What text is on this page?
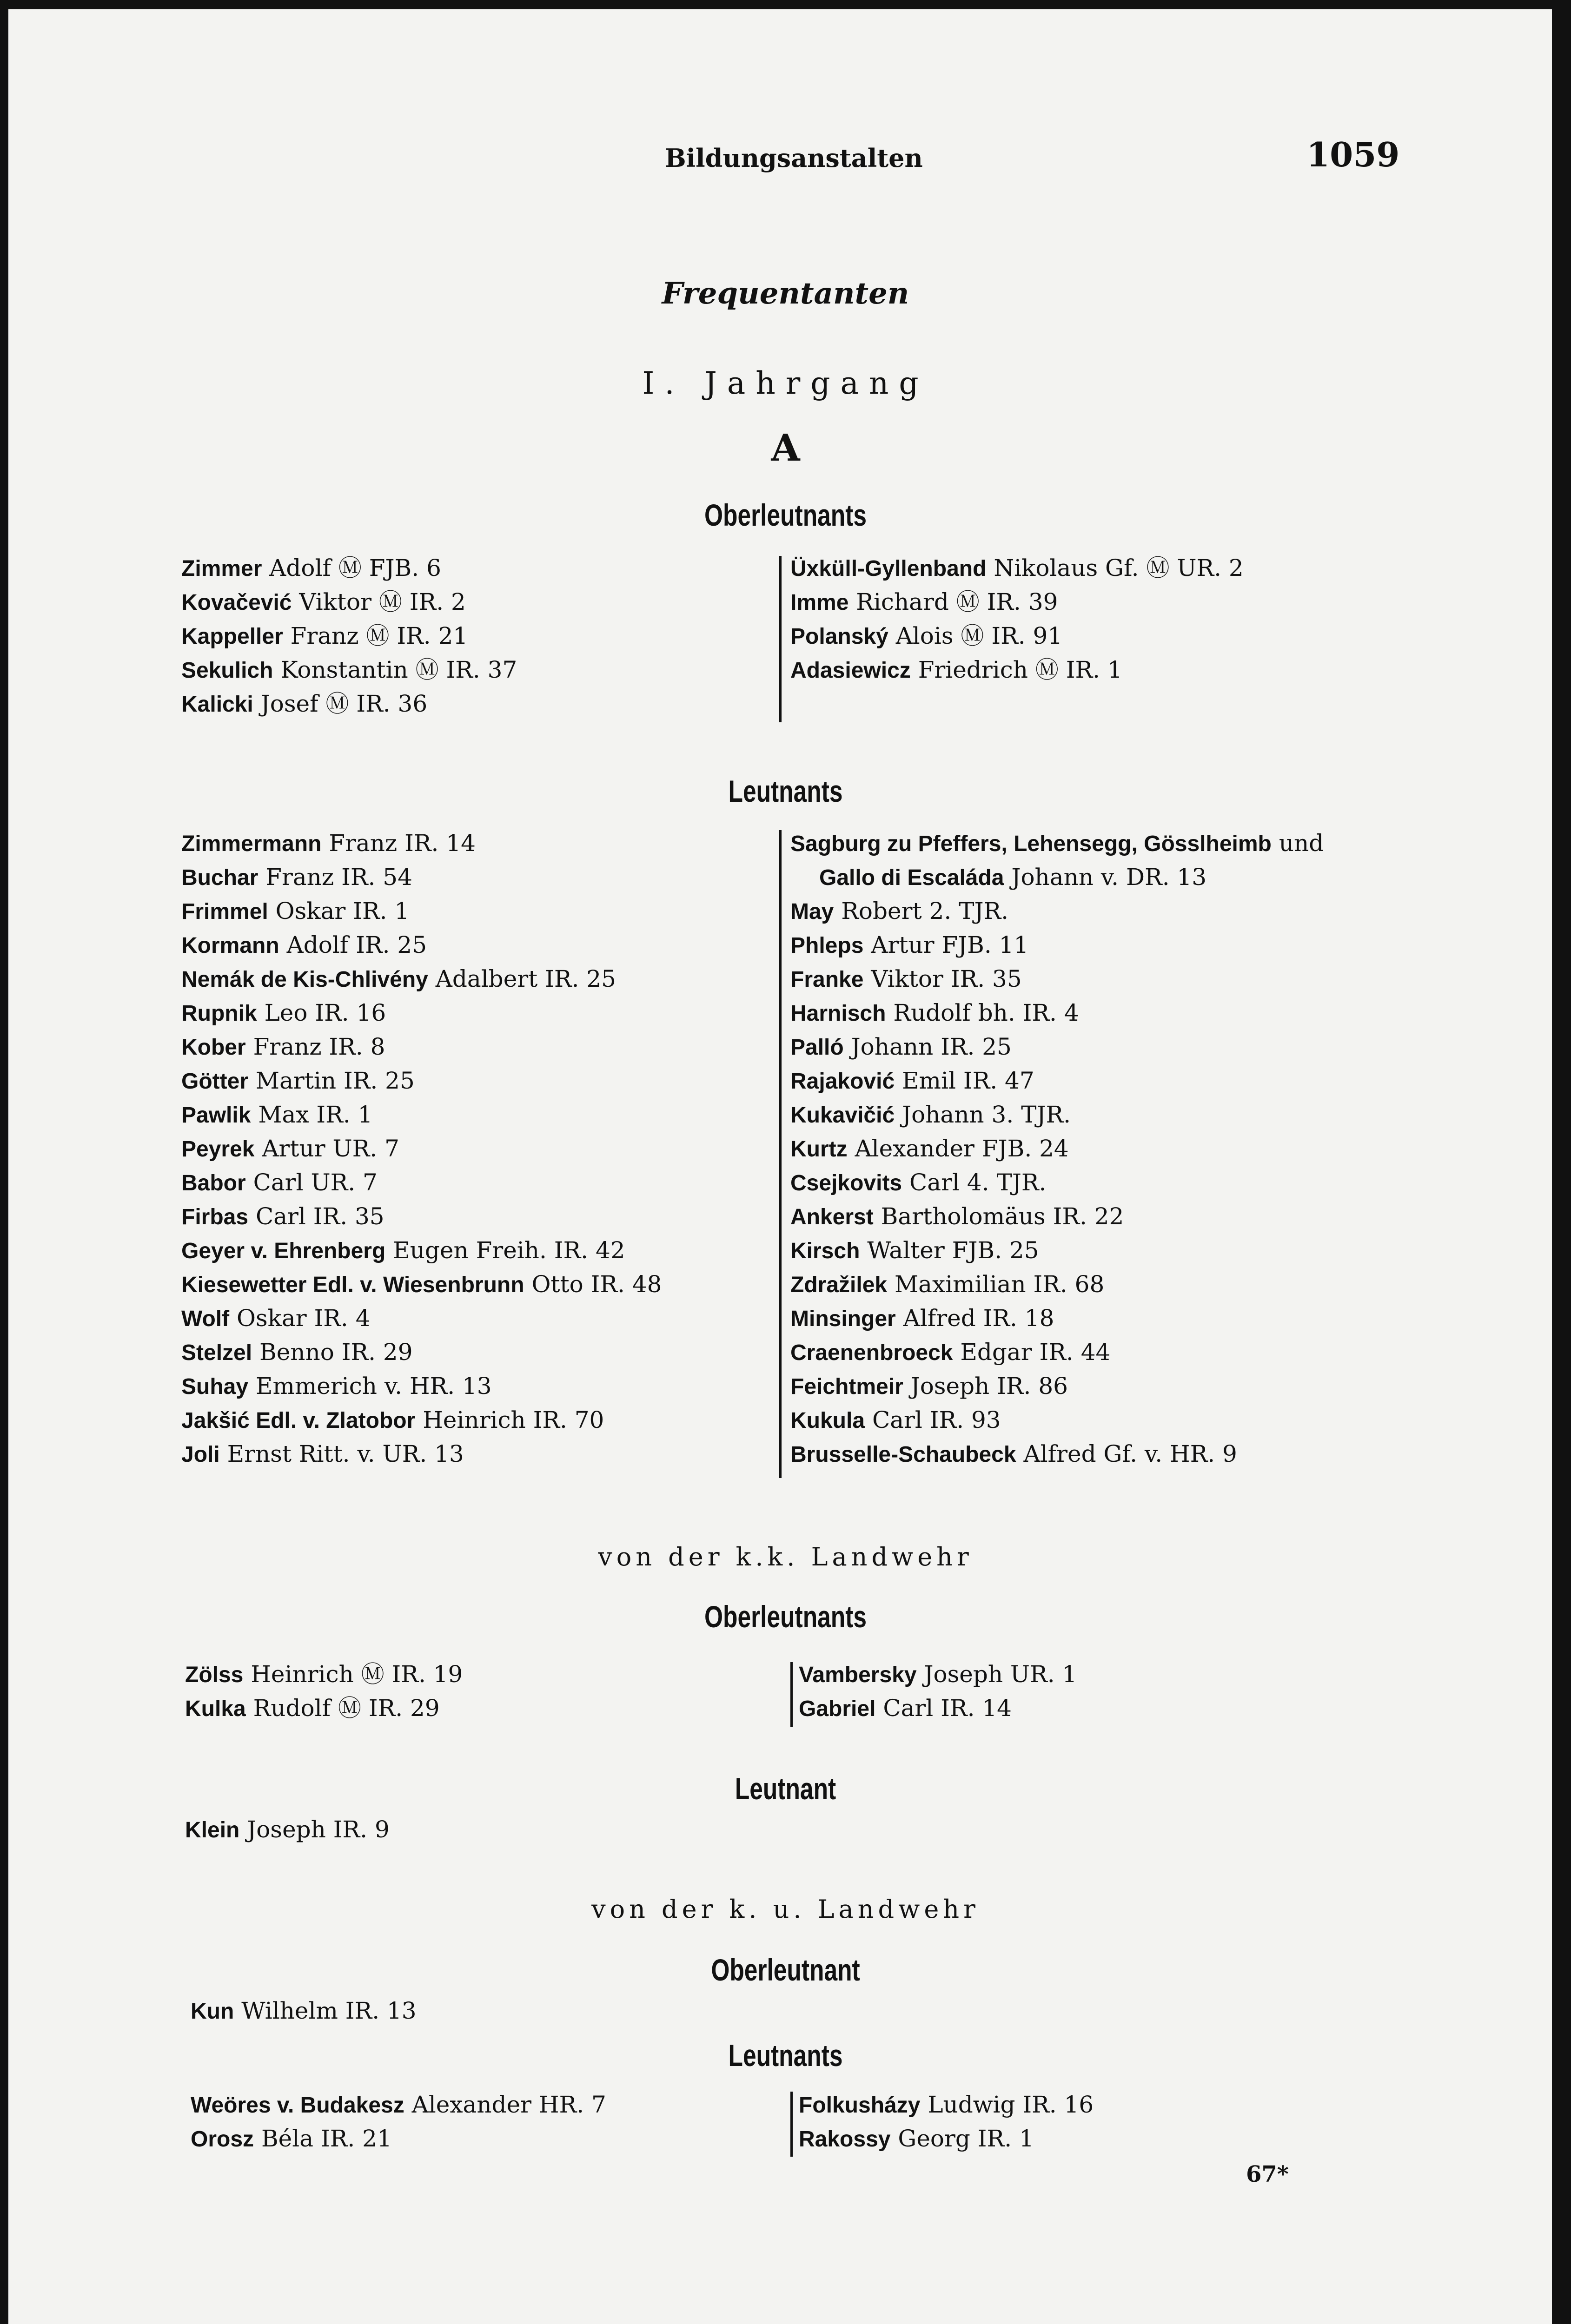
Bildungsanstalten	1059
Frequentanten
I. Jahrgang
A
Oberleutnants
Zimmer Adolf Ⓜ FJB. 6
Kovačević Viktor Ⓜ IR. 2
Kappeller Franz Ⓜ IR. 21
Sekulich Konstantin Ⓜ IR. 37
Kalicki Josef Ⓜ IR. 36
Üxküll-Gyllenband Nikolaus Gf. Ⓜ UR. 2
Imme Richard Ⓜ IR. 39
Polanský Alois Ⓜ IR. 91
Adasiewicz Friedrich Ⓜ IR. 1
Leutnants
Zimmermann Franz IR. 14
Buchar Franz IR. 54
Frimmel Oskar IR. 1
Kormann Adolf IR. 25
Nemák de Kis-Chlivény Adalbert IR. 25
Rupnik Leo IR. 16
Kober Franz IR. 8
Götter Martin IR. 25
Pawlik Max IR. 1
Peyrek Artur UR. 7
Babor Carl UR. 7
Firbas Carl IR. 35
Geyer v. Ehrenberg Eugen Freih. IR. 42
Kiesewetter Edl. v. Wiesenbrunn Otto IR. 48
Wolf Oskar IR. 4
Stelzel Benno IR. 29
Suhay Emmerich v. HR. 13
Jakšić Edl. v. Zlatobor Heinrich IR. 70
Joli Ernst Ritt. v. UR. 13
Sagburg zu Pfeffers, Lehensegg, Gösslheimb und
Gallo di Escaláda Johann v. DR. 13
May Robert 2. TJR.
Phleps Artur FJB. 11
Franke Viktor IR. 35
Harnisch Rudolf bh. IR. 4
Palló Johann IR. 25
Rajaković Emil IR. 47
Kukavičić Johann 3. TJR.
Kurtz Alexander FJB. 24
Csejkovits Carl 4. TJR.
Ankerst Bartholomäus IR. 22
Kirsch Walter FJB. 25
Zdražilek Maximilian IR. 68
Minsinger Alfred IR. 18
Craenenbroeck Edgar IR. 44
Feichtmeir Joseph IR. 86
Kukula Carl IR. 93
Brusselle-Schaubeck Alfred Gf. v. HR. 9
von der k.k. Landwehr
Oberleutnants
Zölss Heinrich Ⓜ IR. 19
Kulka Rudolf Ⓜ IR. 29
Vambersky Joseph UR. 1
Gabriel Carl IR. 14
Leutnant
Klein Joseph IR. 9
von der k. u. Landwehr
Oberleutnant
Kun Wilhelm IR. 13
Leutnants
Weöres v. Budakesz Alexander HR. 7
Orosz Béla IR. 21
Folkusházy Ludwig IR. 16
Rakossy Georg IR. 1
67*
